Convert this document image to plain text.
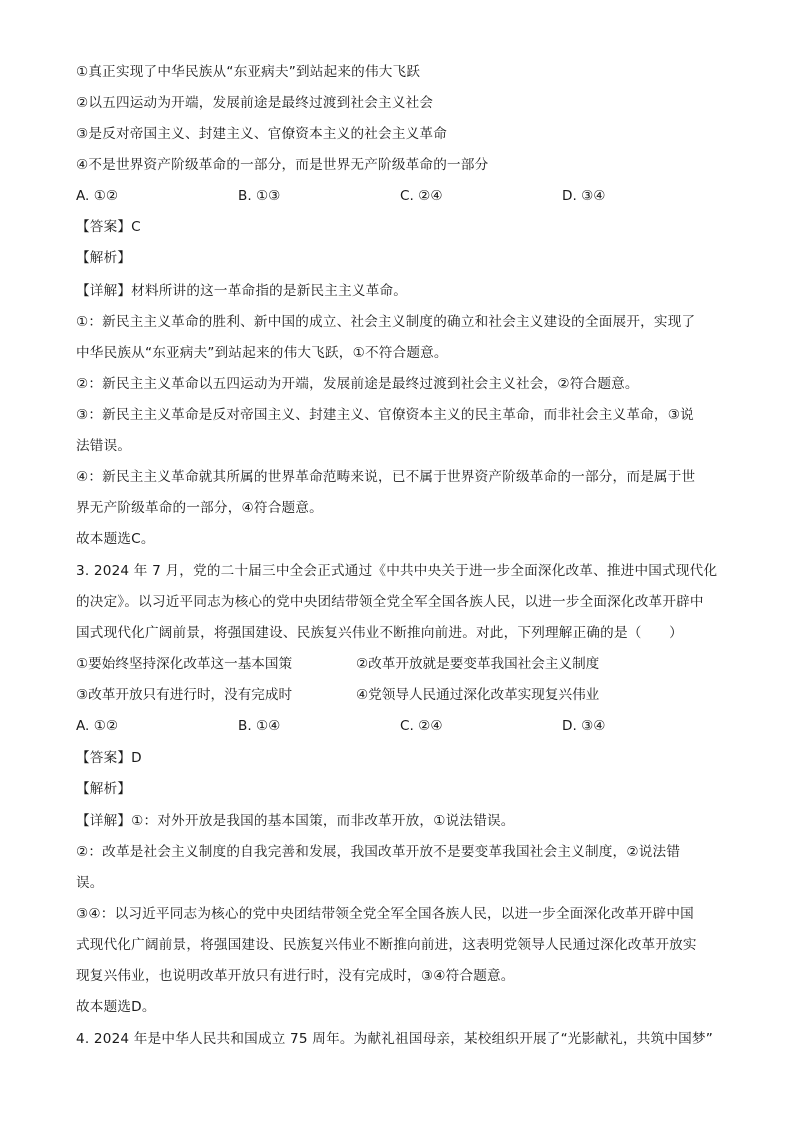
①真正实现了中华民族从“东亚病夫”到站起来的伟大飞跃
②以五四运动为开端，发展前途是最终过渡到社会主义社会
③是反对帝国主义、封建主义、官僚资本主义的社会主义革命
④不是世界资产阶级革命的一部分，而是世界无产阶级革命的一部分
A. ①②	B. ①③	C. ②④	D. ③④
【答案】C
【解析】
【详解】材料所讲的这一革命指的是新民主主义革命。
①：新民主主义革命的胜利、新中国的成立、社会主义制度的确立和社会主义建设的全面展开，实现了
中华民族从“东亚病夫”到站起来的伟大飞跃，①不符合题意。
②：新民主主义革命以五四运动为开端，发展前途是最终过渡到社会主义社会，②符合题意。
③：新民主主义革命是反对帝国主义、封建主义、官僚资本主义的民主革命，而非社会主义革命，③说
法错误。
④：新民主主义革命就其所属的世界革命范畴来说，已不属于世界资产阶级革命的一部分，而是属于世
界无产阶级革命的一部分，④符合题意。
故本题选C。
3. 2024 年 7 月，党的二十届三中全会正式通过《中共中央关于进一步全面深化改革、推进中国式现代化
的决定》。以习近平同志为核心的党中央团结带领全党全军全国各族人民，以进一步全面深化改革开辟中
国式现代化广阔前景，将强国建设、民族复兴伟业不断推向前进。对此，下列理解正确的是（　　）
①要始终坚持深化改革这一基本国策	②改革开放就是要变革我国社会主义制度
③改革开放只有进行时，没有完成时	④党领导人民通过深化改革实现复兴伟业
A. ①②	B. ①④	C. ②④	D. ③④
【答案】D
【解析】
【详解】①：对外开放是我国的基本国策，而非改革开放，①说法错误。
②：改革是社会主义制度的自我完善和发展，我国改革开放不是要变革我国社会主义制度，②说法错
误。
③④：以习近平同志为核心的党中央团结带领全党全军全国各族人民，以进一步全面深化改革开辟中国
式现代化广阔前景，将强国建设、民族复兴伟业不断推向前进，这表明党领导人民通过深化改革开放实
现复兴伟业，也说明改革开放只有进行时，没有完成时，③④符合题意。
故本题选D。
4. 2024 年是中华人民共和国成立 75 周年。为献礼祖国母亲，某校组织开展了“光影献礼，共筑中国梦”
